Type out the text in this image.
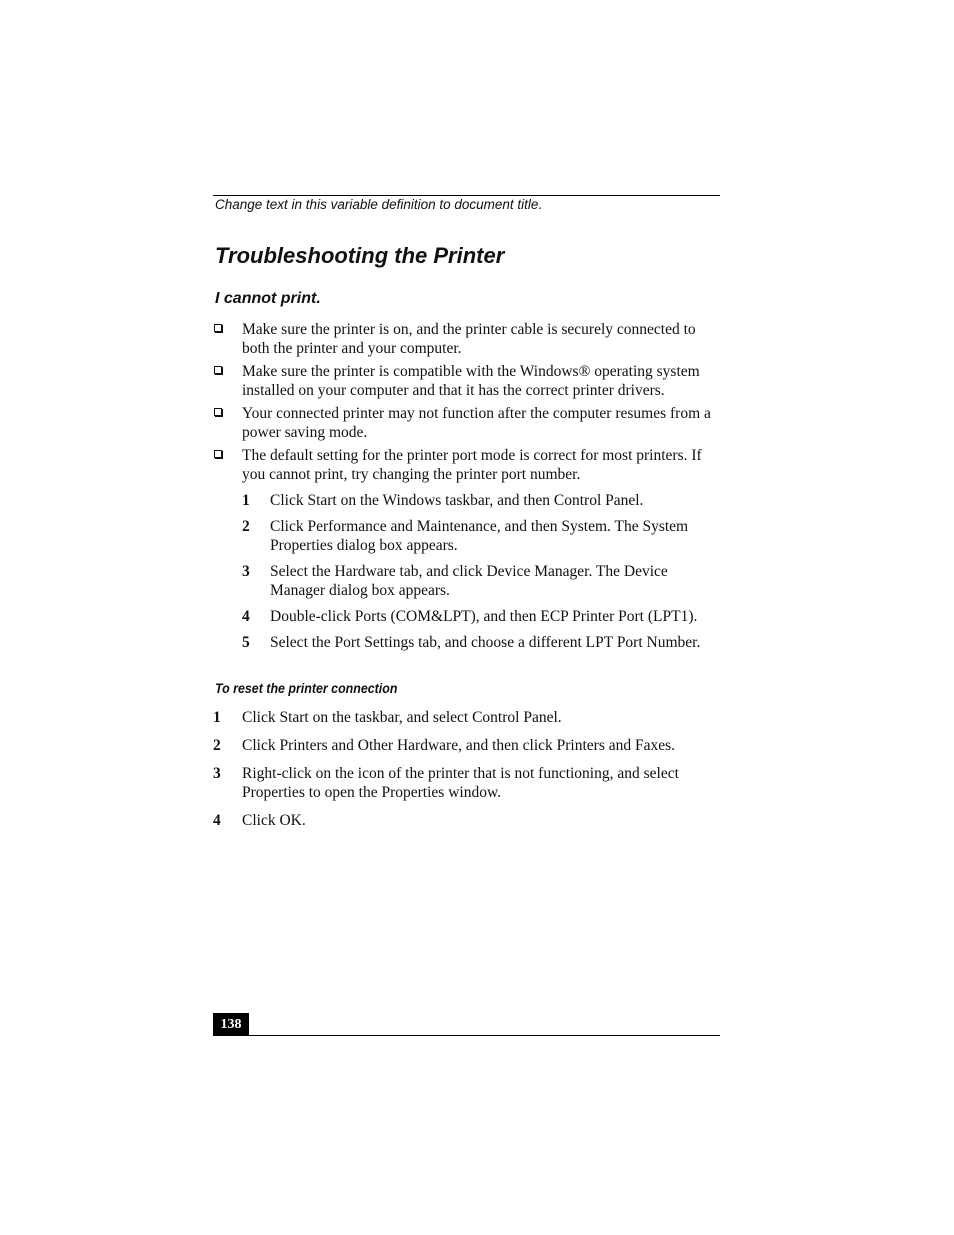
Change text in this variable definition to document title.
Troubleshooting the Printer
I cannot print.
Make sure the printer is on, and the printer cable is securely connected to both the printer and your computer.
Make sure the printer is compatible with the Windows® operating system installed on your computer and that it has the correct printer drivers.
Your connected printer may not function after the computer resumes from a power saving mode.
The default setting for the printer port mode is correct for most printers. If you cannot print, try changing the printer port number.
1 Click Start on the Windows taskbar, and then Control Panel.
2 Click Performance and Maintenance, and then System. The System Properties dialog box appears.
3 Select the Hardware tab, and click Device Manager. The Device Manager dialog box appears.
4 Double-click Ports (COM&LPT), and then ECP Printer Port (LPT1).
5 Select the Port Settings tab, and choose a different LPT Port Number.
To reset the printer connection
1 Click Start on the taskbar, and select Control Panel.
2 Click Printers and Other Hardware, and then click Printers and Faxes.
3 Right-click on the icon of the printer that is not functioning, and select Properties to open the Properties window.
4 Click OK.
138
